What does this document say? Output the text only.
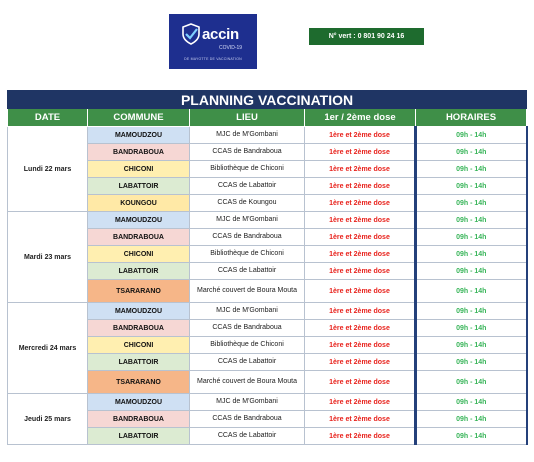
accin
COVID-19
DE MAYOTTE DE VACCINATION
N° vert : 0 801 90 24 16
PLANNING VACCINATION				
DATE	COMMUNE	LIEU	1er / 2ème dose	HORAIRES
Lundi 22 mars	MAMOUDZOU	MJC de M'Gombani	1ère et 2ème dose	09h - 14h
	BANDRABOUA	CCAS de Bandraboua	1ère et 2ème dose	09h - 14h
	CHICONI	Bibliothèque de Chiconi	1ère et 2ème dose	09h - 14h
	LABATTOIR	CCAS de Labattoir	1ère et 2ème dose	09h - 14h
	KOUNGOU	CCAS de Koungou	1ère et 2ème dose	09h - 14h
Mardi 23 mars	MAMOUDZOU	MJC de M'Gombani	1ère et 2ème dose	09h - 14h
	BANDRABOUA	CCAS de Bandraboua	1ère et 2ème dose	09h - 14h
	CHICONI	Bibliothèque de Chiconi	1ère et 2ème dose	09h - 14h
	LABATTOIR	CCAS de Labattoir	1ère et 2ème dose	09h - 14h
	TSARARANO	Marché couvert de Boura Mouta	1ère et 2ème dose	09h - 14h
Mercredi 24 mars	MAMOUDZOU	MJC de M'Gombani	1ère et 2ème dose	09h - 14h
	BANDRABOUA	CCAS de Bandraboua	1ère et 2ème dose	09h - 14h
	CHICONI	Bibliothèque de Chiconi	1ère et 2ème dose	09h - 14h
	LABATTOIR	CCAS de Labattoir	1ère et 2ème dose	09h - 14h
	TSARARANO	Marché couvert de Boura Mouta	1ère et 2ème dose	09h - 14h
Jeudi 25 mars	MAMOUDZOU	MJC de M'Gombani	1ère et 2ème dose	09h - 14h
	BANDRABOUA	CCAS de Bandraboua	1ère et 2ème dose	09h - 14h
	LABATTOIR	CCAS de Labattoir	1ère et 2ème dose	09h - 14h
